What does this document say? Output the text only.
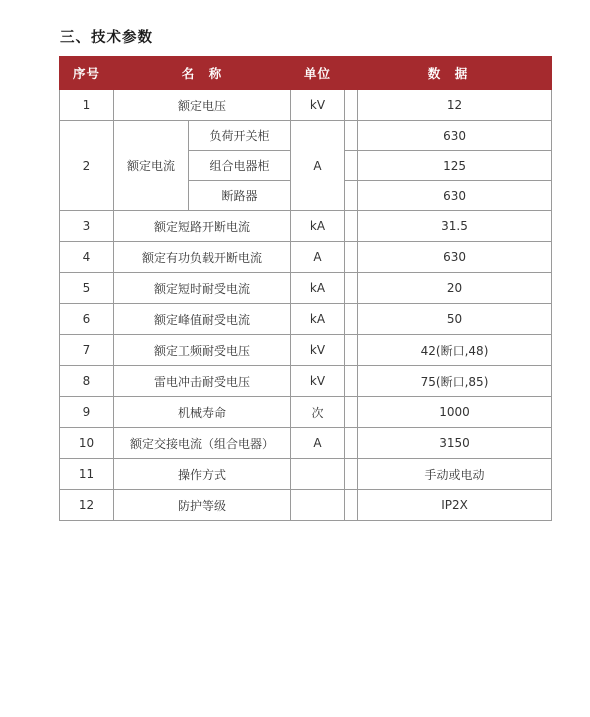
三、技术参数
序号	名　称		单位	数　据	
1	额定电压		kV		12
2	额定电流	负荷开关柜	A		630
		组合电器柜			125
		断路器			630
3	额定短路开断电流		kA		31.5
4	额定有功负载开断电流		A		630
5	额定短时耐受电流		kA		20
6	额定峰值耐受电流		kA		50
7	额定工频耐受电压		kV		42(断口,48)
8	雷电冲击耐受电压		kV		75(断口,85)
9	机械寿命		次		1000
10	额定交接电流（组合电器）		A		3150
11	操作方式				手动或电动
12	防护等级				IP2X
